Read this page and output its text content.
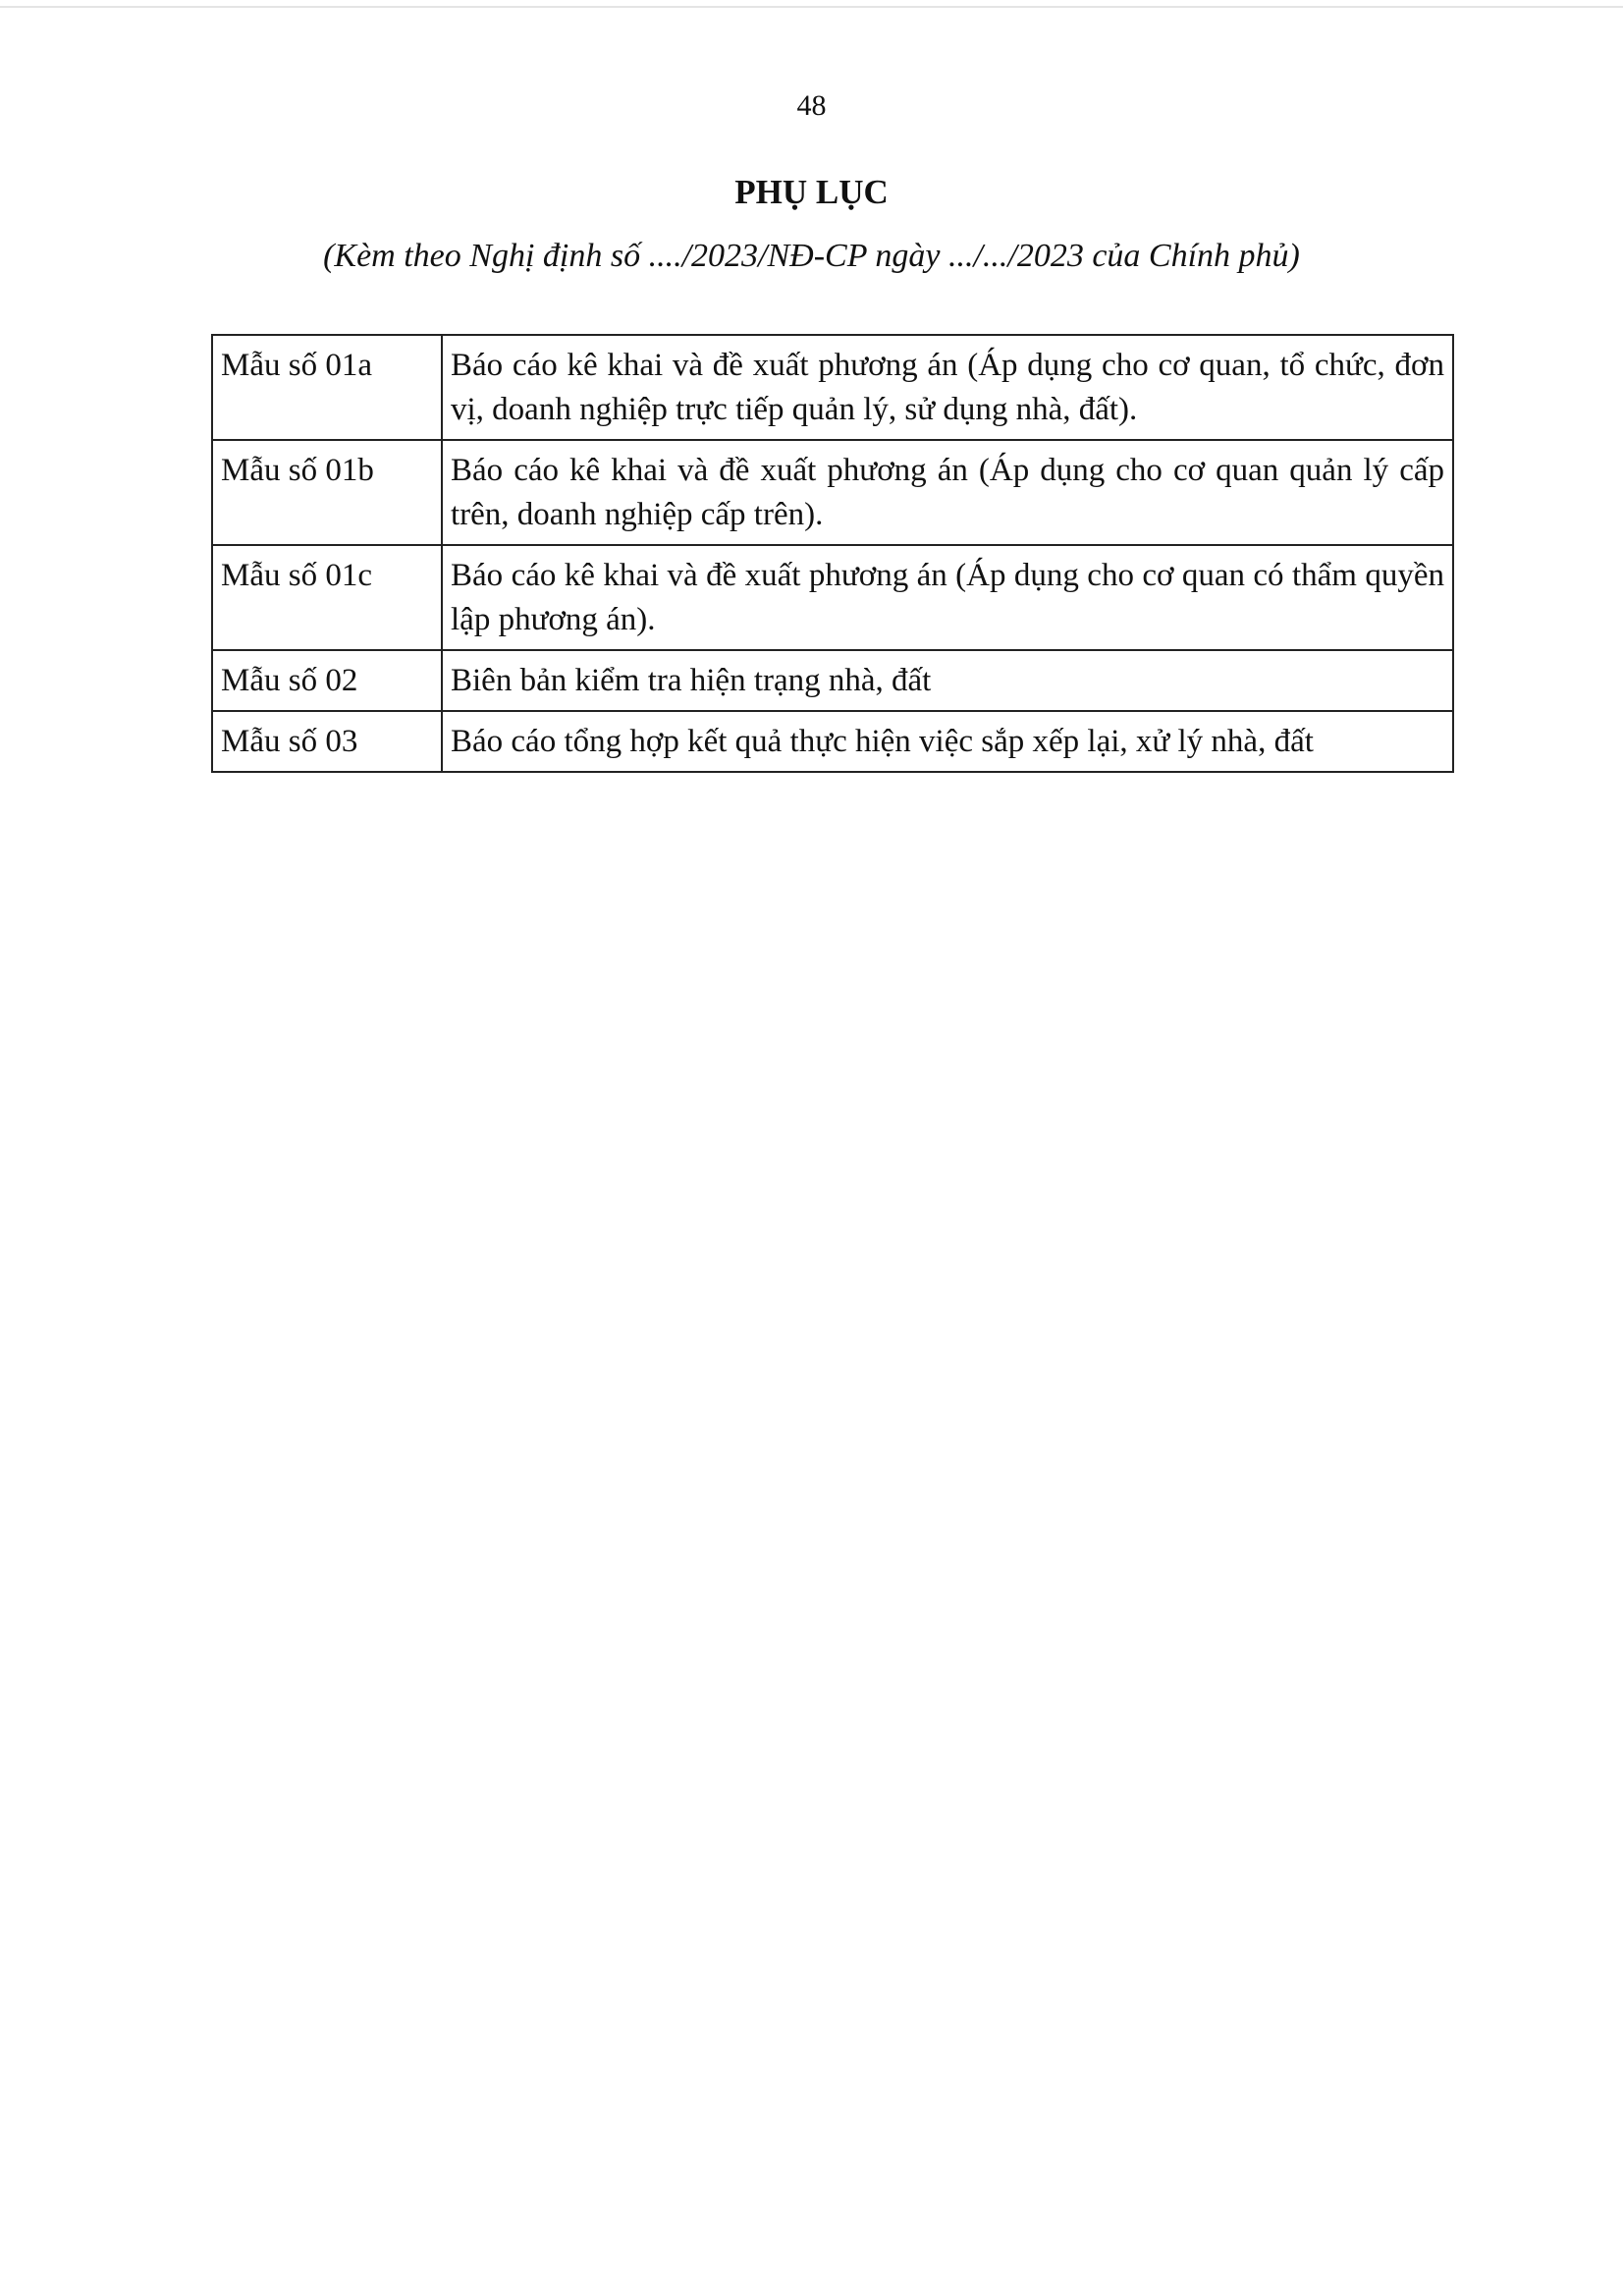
48
PHỤ LỤC
(Kèm theo Nghị định số ..../2023/NĐ-CP ngày .../.../2023 của Chính phủ)
Mẫu số 01a	Báo cáo kê khai và đề xuất phương án (Áp dụng cho cơ quan, tổ chức, đơn vị, doanh nghiệp trực tiếp quản lý, sử dụng nhà, đất).
Mẫu số 01b	Báo cáo kê khai và đề xuất phương án (Áp dụng cho cơ quan quản lý cấp trên, doanh nghiệp cấp trên).
Mẫu số 01c	Báo cáo kê khai và đề xuất phương án (Áp dụng cho cơ quan có thẩm quyền lập phương án).
Mẫu số 02	Biên bản kiểm tra hiện trạng nhà, đất
Mẫu số 03	Báo cáo tổng hợp kết quả thực hiện việc sắp xếp lại, xử lý nhà, đất
